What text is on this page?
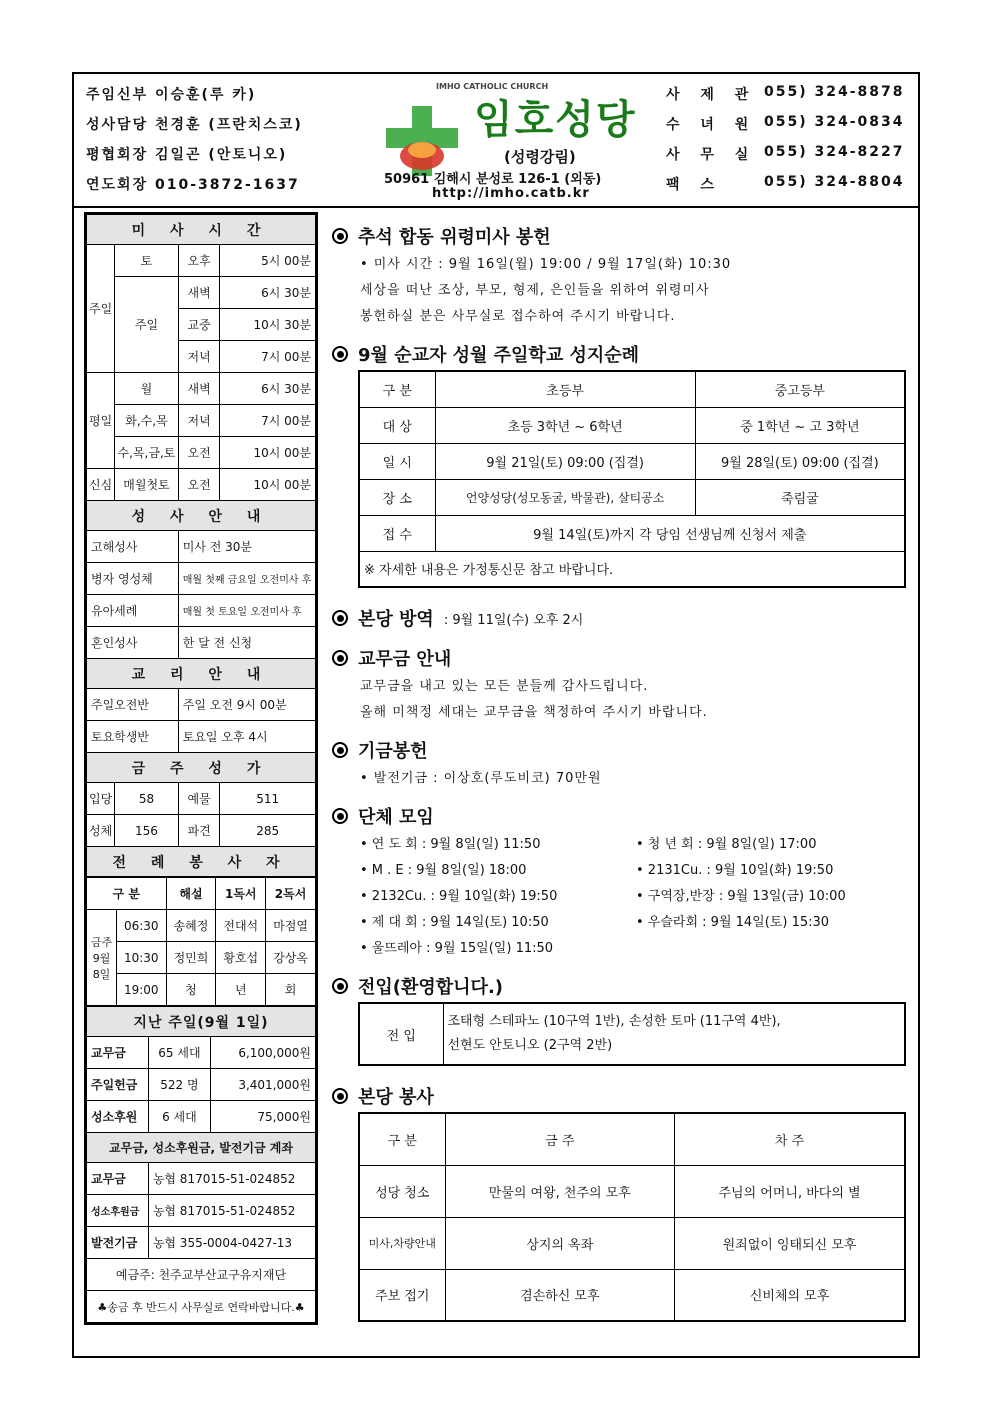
주임신부 이승훈(루 카)
성사담당 천경훈 (프란치스코)
평협회장 김일곤 (안토니오)
연도회장 010-3872-1637
IMHO CATHOLIC CHURCH
임호성당
(성령강림)
50961 김해시 분성로 126-1 (외동)
http://imho.catb.kr
사 제 관 055) 324-8878
수 녀 원 055) 324-0834
사 무 실 055) 324-8227
팩 스	055) 324-8804
미 사 시 간			
주일	토	오후	5시 00분
	주일	새벽	6시 30분
		교중	10시 30분
		저녁	7시 00분
평일	월	새벽	6시 30분
	화,수,목	저녁	7시 00분
	수,목,금,토	오전	10시 00분
신심	매월첫토	오전	10시 00분
성 사 안 내			
고해성사		미사 전 30분	
병자 영성체		매월 첫째 금요일 오전미사 후	
유아세례		매월 첫 토요일 오전미사 후	
혼인성사		한 달 전 신청	
교 리 안 내			
주일오전반		주일 오전 9시 00분	
토요학생반		토요일 오후 4시	
금 주 성 가			
입당	58	예물	511
성체	156	파견	285
전 례 봉 사 자			
구 분		해설	1독서	2독서
금주 9월 8일	06:30	송혜정	전대석	마점열
	10:30	정민희	황호섭	강상옥
	19:00	청	년	회
지난 주일(9월 1일)		
교무금	65 세대	6,100,000원
주일헌금	522 명	3,401,000원
성소후원	6 세대	75,000원
교무금, 성소후원금, 발전기금 계좌		
교무금	농협 817015-51-024852	
성소후원금	농협 817015-51-024852	
발전기금	농협 355-0004-0427-13	
예금주: 천주교부산교구유지재단		
♣송금 후 반드시 사무실로 연락바랍니다.♣		
추석 합동 위령미사 봉헌
• 미사 시간 : 9월 16일(월) 19:00 / 9월 17일(화) 10:30
세상을 떠난 조상, 부모, 형제, 은인들을 위하여 위령미사
봉헌하실 분은 사무실로 접수하여 주시기 바랍니다.
9월 순교자 성월 주일학교 성지순례
구 분	초등부	중고등부
대 상	초등 3학년 ~ 6학년	중 1학년 ~ 고 3학년
일 시	9월 21일(토) 09:00 (집결)	9월 28일(토) 09:00 (집결)
장 소	언양성당(성모동굴, 박물관), 살티공소	죽림굴
접 수	9월 14일(토)까지 각 당임 선생님께 신청서 제출	
※ 자세한 내용은 가정통신문 참고 바랍니다.		
본당 방역 : 9월 11일(수) 오후 2시
교무금 안내
교무금을 내고 있는 모든 분들께 감사드립니다.
올해 미책정 세대는 교무금을 책정하여 주시기 바랍니다.
기금봉헌
• 발전기금 : 이상호(루도비코) 70만원
단체 모임
• 연 도 회 : 9월 8일(일) 11:50	• 청 년 회 : 9월 8일(일) 17:00
• M . E : 9월 8일(일) 18:00	• 2131Cu. : 9월 10일(화) 19:50
• 2132Cu. : 9월 10일(화) 19:50	• 구역장,반장 : 9월 13일(금) 10:00
• 제 대 회 : 9월 14일(토) 10:50	• 우슬라회 : 9월 14일(토) 15:30
• 울뜨레아 : 9월 15일(일) 11:50
전입(환영합니다.)
전 입	
조태형 스테파노 (10구역 1반), 손성한 토마 (11구역 4반),
선현도 안토니오 (2구역 2반)
본당 봉사
구 분	금 주	차 주
성당 청소	만물의 여왕, 천주의 모후	주님의 어머니, 바다의 별
미사,차량안내	상지의 옥좌	원죄없이 잉태되신 모후
주보 접기	겸손하신 모후	신비체의 모후
